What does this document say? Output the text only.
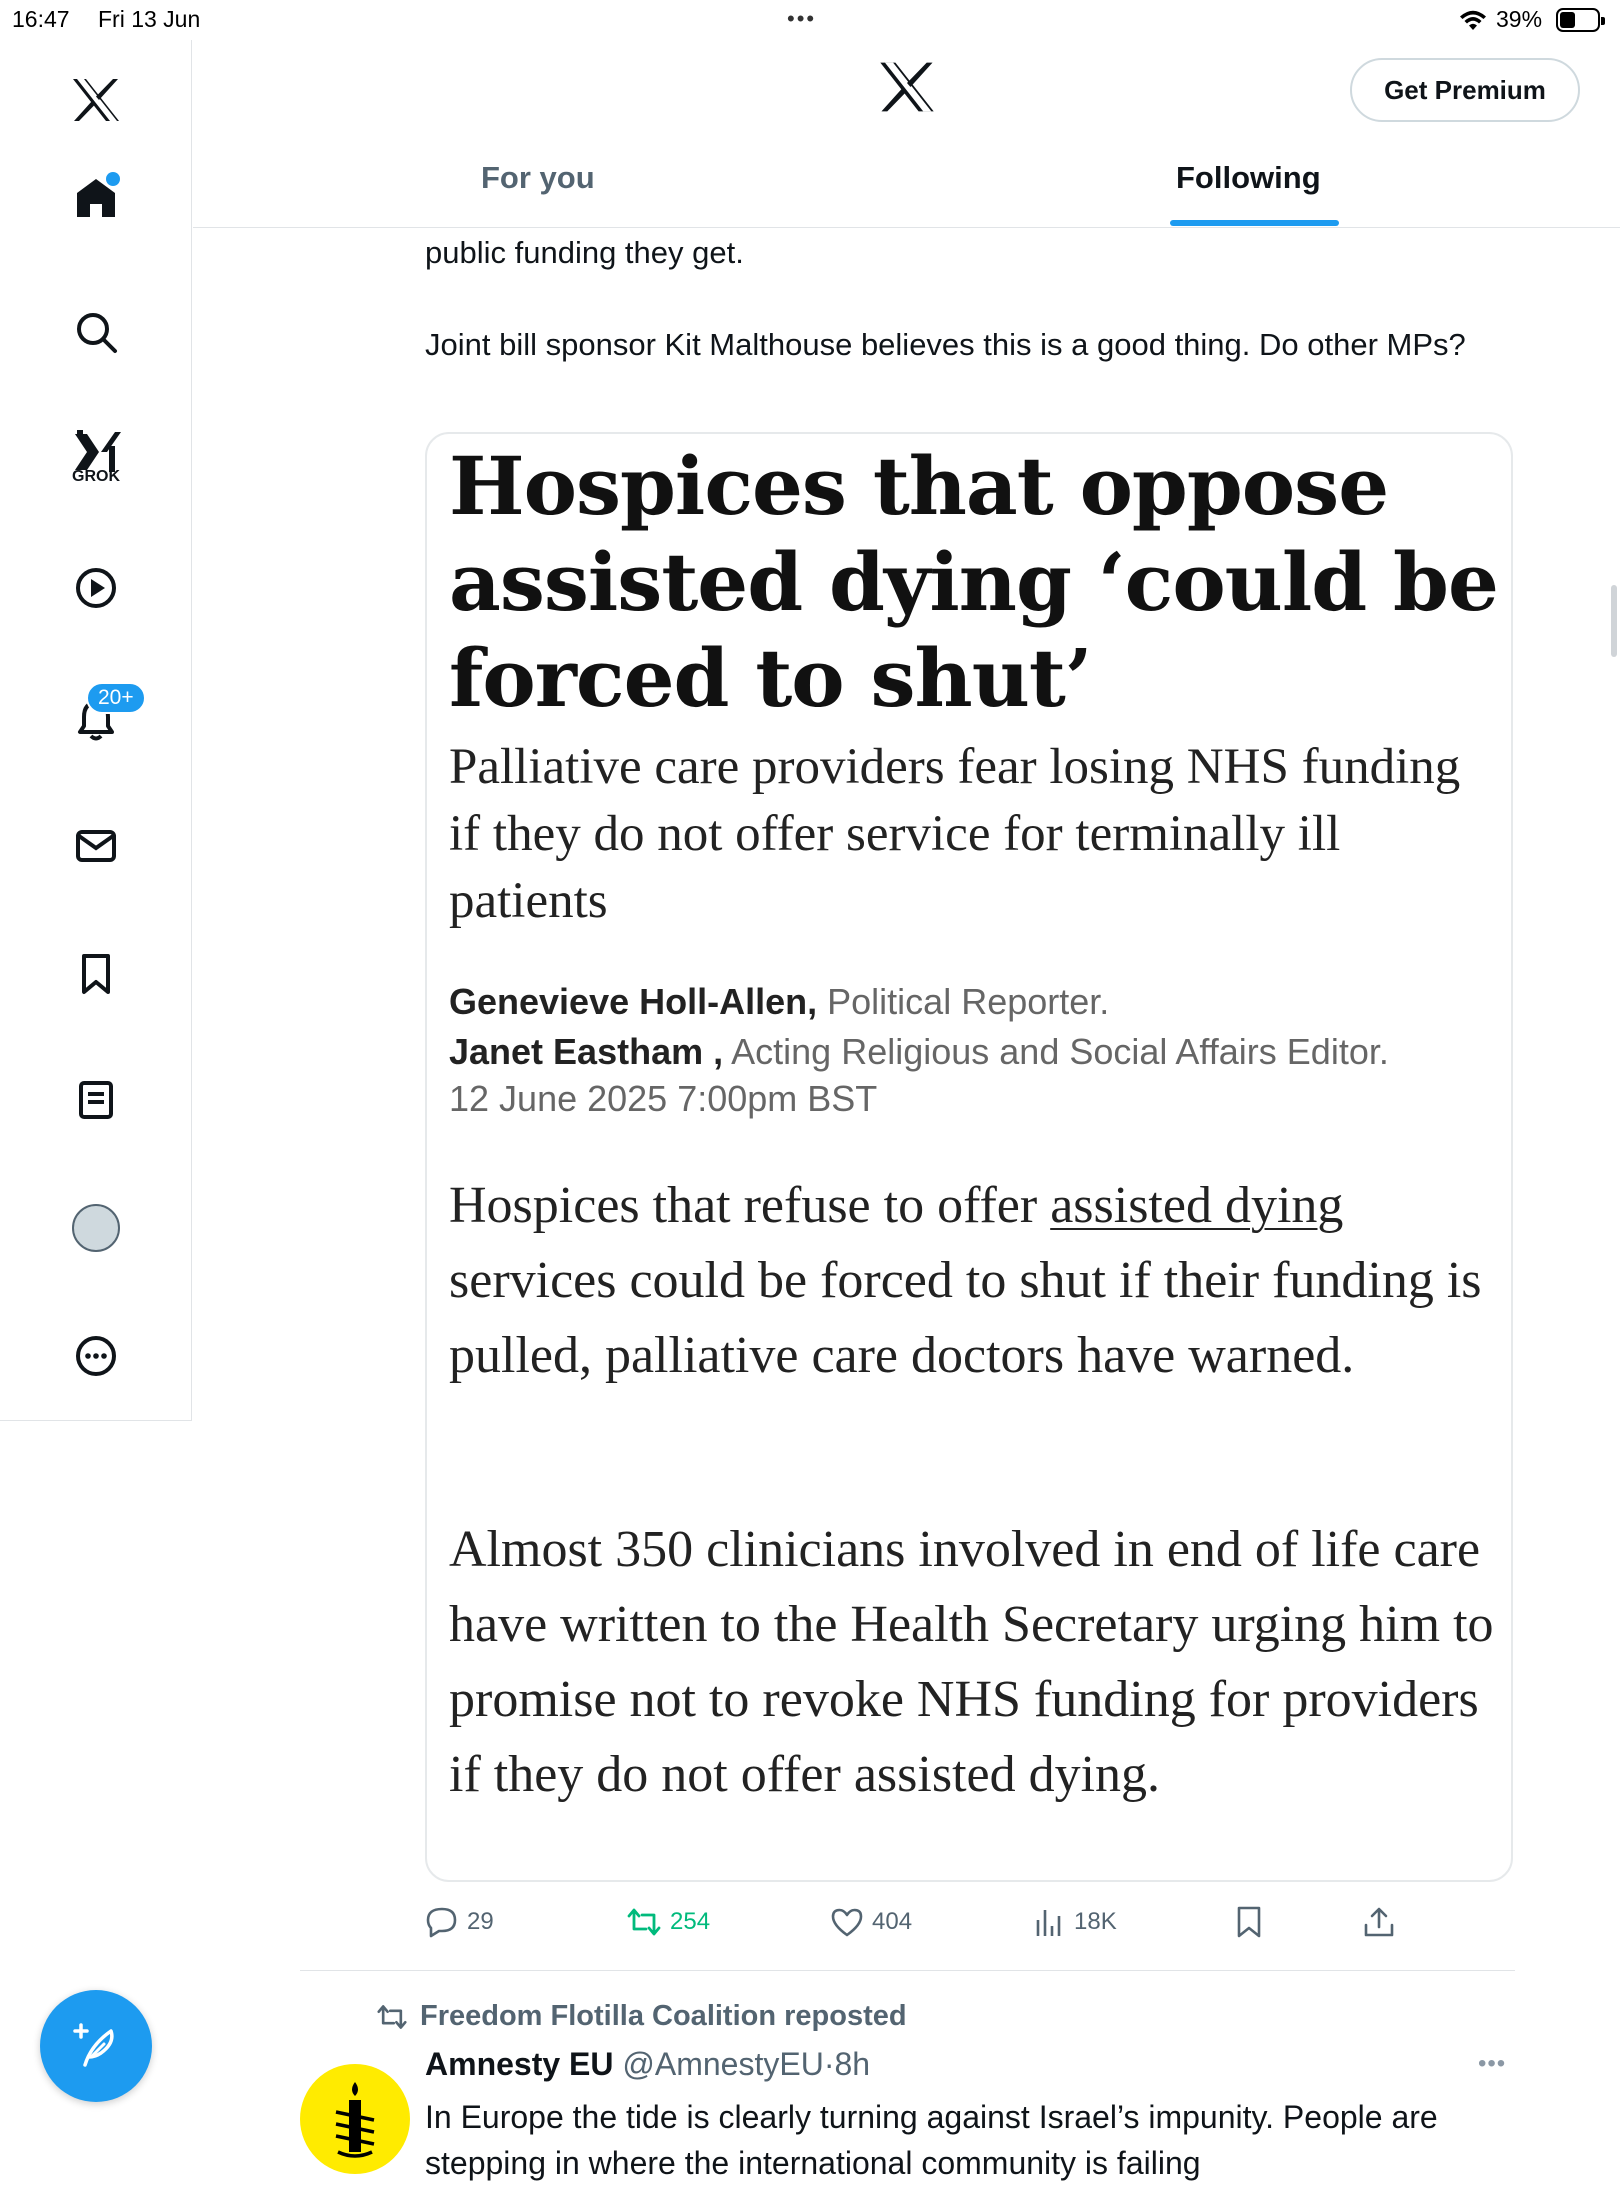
16:47 Fri 13 Jun	•••	39%
GROK
20+
Get Premium
For you	Following
public funding they get.
Joint bill sponsor Kit Malthouse believes this is a good thing. Do other MPs?
Hospices that oppose assisted dying ‘could be forced to shut’
Palliative care providers fear losing NHS funding if they do not offer service for terminally ill patients
Genevieve Holl-Allen, Political Reporter.
Janet Eastham , Acting Religious and Social Affairs Editor.
12 June 2025 7:00pm BST
Hospices that refuse to offer assisted dying services could be forced to shut if their funding is pulled, palliative care doctors have warned.
Almost 350 clinicians involved in end of life care have written to the Health Secretary urging him to promise not to revoke NHS funding for providers if they do not offer assisted dying.
29	254	404	18K
Freedom Flotilla Coalition reposted
Amnesty EU @AmnestyEU·8h	•••
In Europe the tide is clearly turning against Israel’s impunity. People are stepping in where the international community is failing
